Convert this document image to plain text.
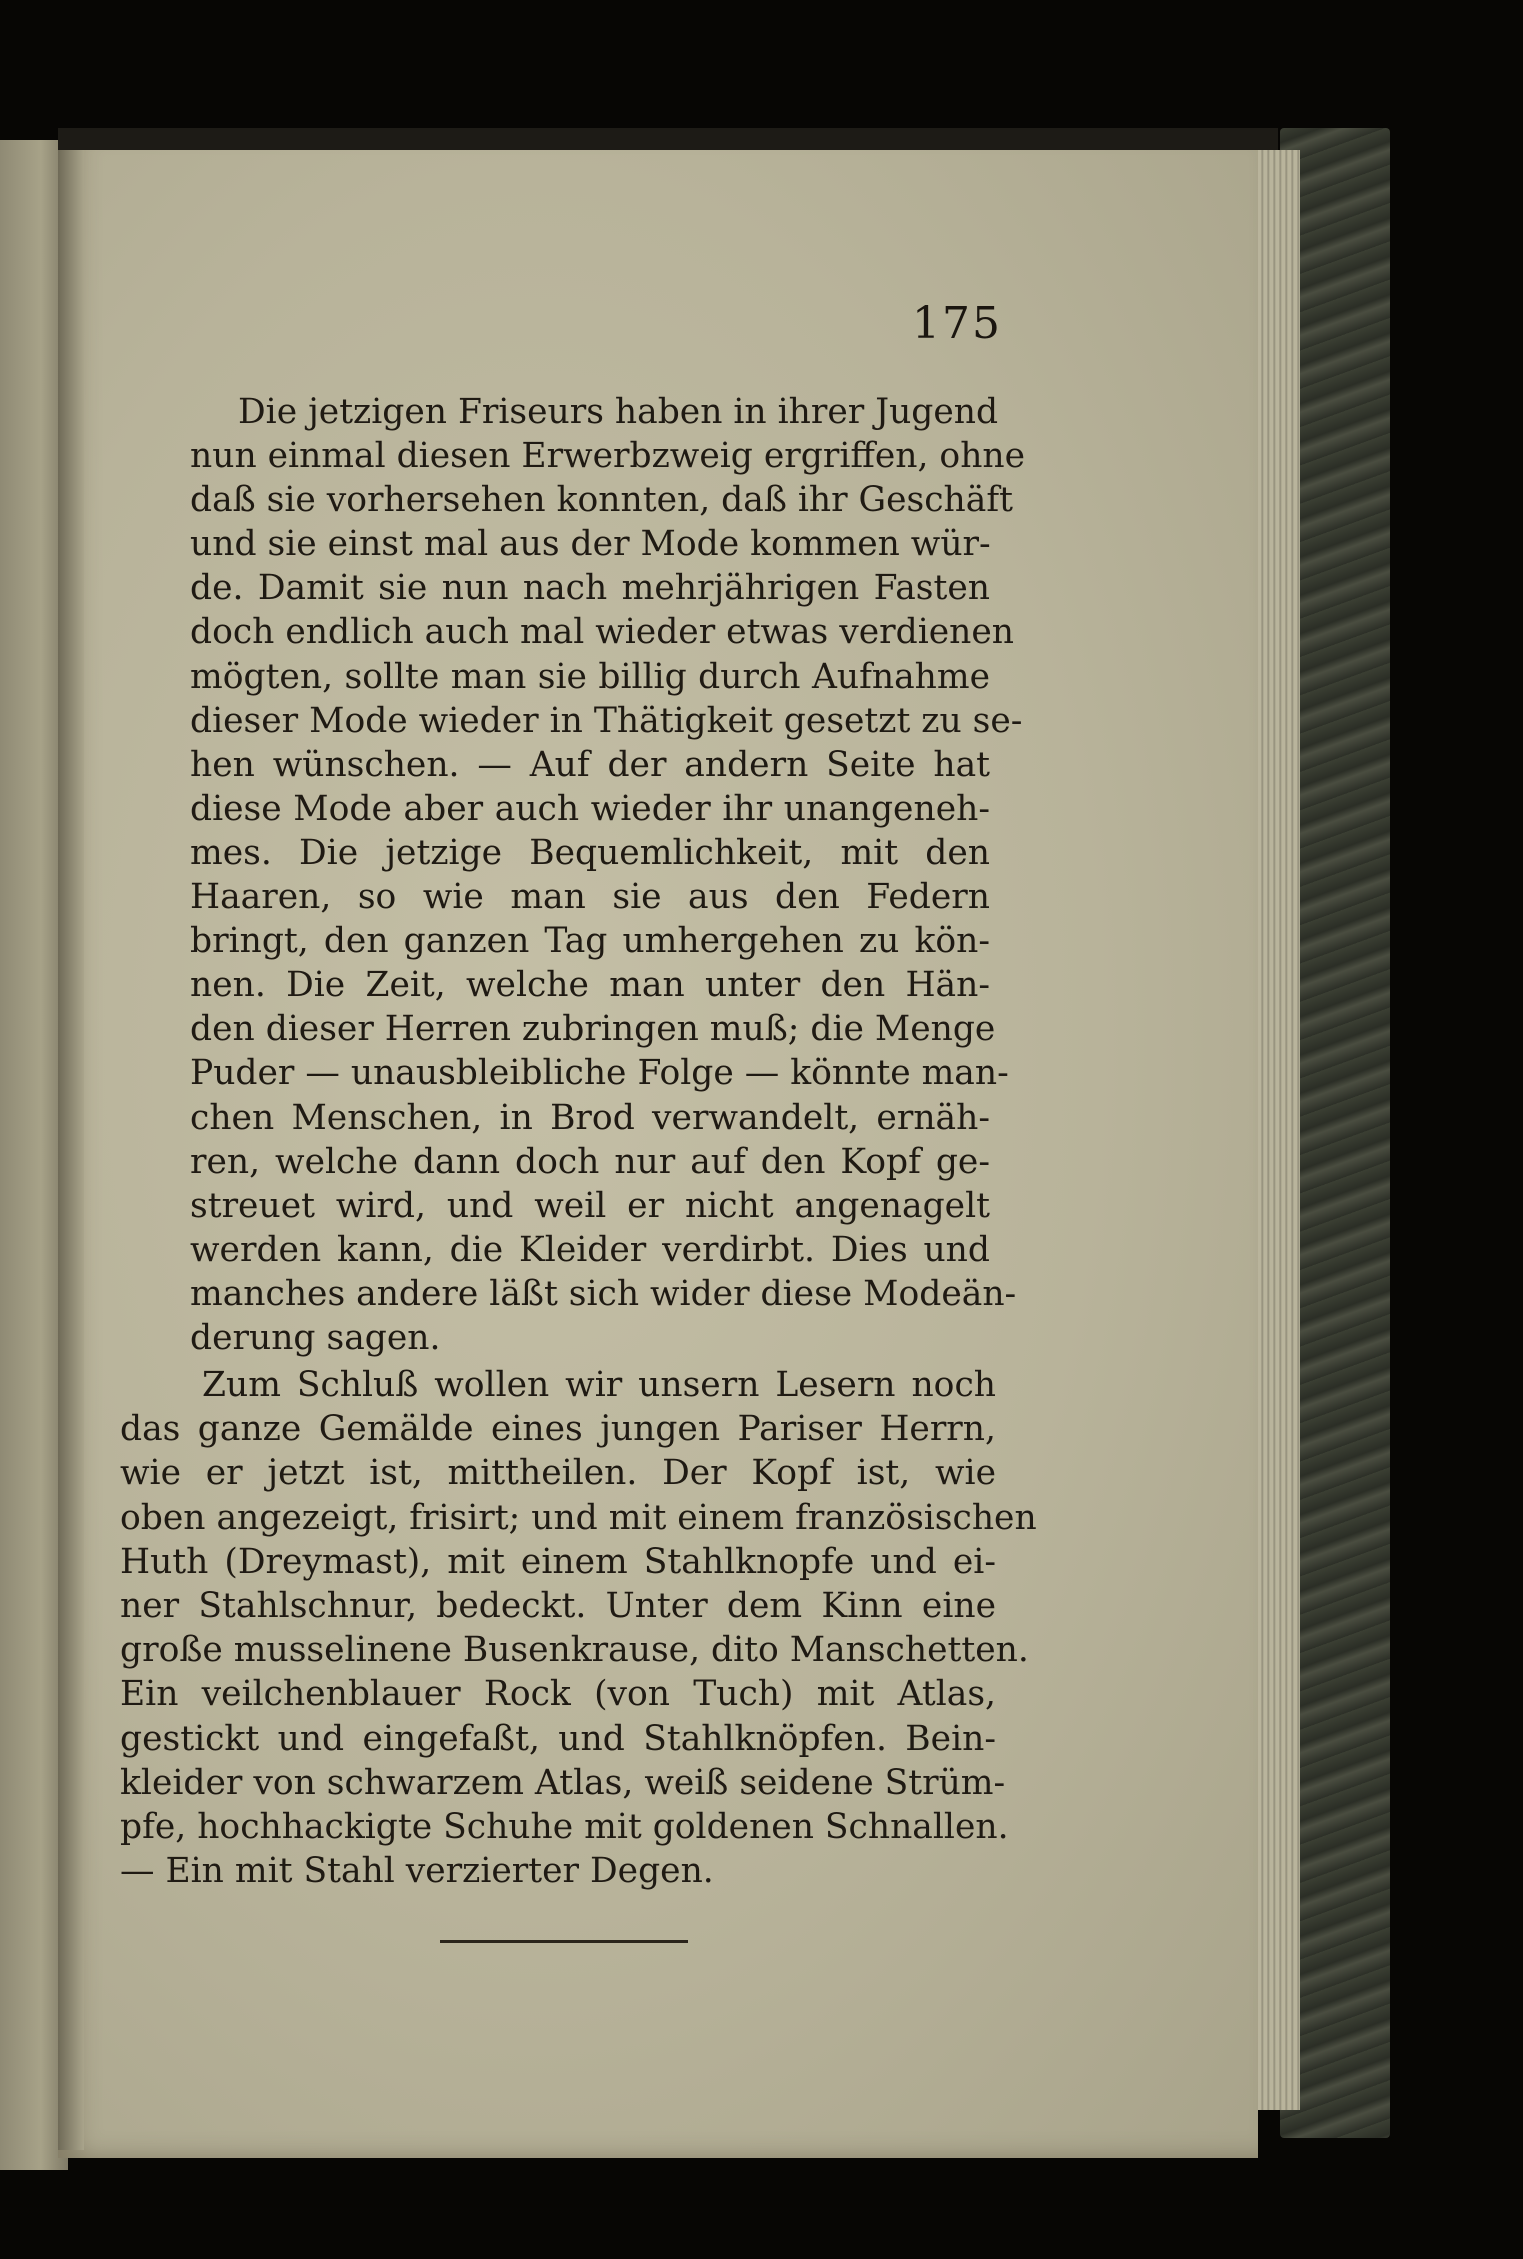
175
Die jetzigen Friseurs haben in ihrer Jugend
nun einmal diesen Erwerbzweig ergriffen, ohne
daß sie vorhersehen konnten, daß ihr Geschäft
und sie einst mal aus der Mode kommen wür-
de. Damit sie nun nach mehrjährigen Fasten
doch endlich auch mal wieder etwas verdienen
mögten, sollte man sie billig durch Aufnahme
dieser Mode wieder in Thätigkeit gesetzt zu se-
hen wünschen. — Auf der andern Seite hat
diese Mode aber auch wieder ihr unangeneh-
mes. Die jetzige Bequemlichkeit, mit den
Haaren, so wie man sie aus den Federn
bringt, den ganzen Tag umhergehen zu kön-
nen. Die Zeit, welche man unter den Hän-
den dieser Herren zubringen muß; die Menge
Puder — unausbleibliche Folge — könnte man-
chen Menschen, in Brod verwandelt, ernäh-
ren, welche dann doch nur auf den Kopf ge-
streuet wird, und weil er nicht angenagelt
werden kann, die Kleider verdirbt. Dies und
manches andere läßt sich wider diese Modeän-
derung sagen.
Zum Schluß wollen wir unsern Lesern noch
das ganze Gemälde eines jungen Pariser Herrn,
wie er jetzt ist, mittheilen. Der Kopf ist, wie
oben angezeigt, frisirt; und mit einem französischen
Huth (Dreymast), mit einem Stahlknopfe und ei-
ner Stahlschnur, bedeckt. Unter dem Kinn eine
große musselinene Busenkrause, dito Manschetten.
Ein veilchenblauer Rock (von Tuch) mit Atlas,
gestickt und eingefaßt, und Stahlknöpfen. Bein-
kleider von schwarzem Atlas, weiß seidene Strüm-
pfe, hochhackigte Schuhe mit goldenen Schnallen.
— Ein mit Stahl verzierter Degen.
